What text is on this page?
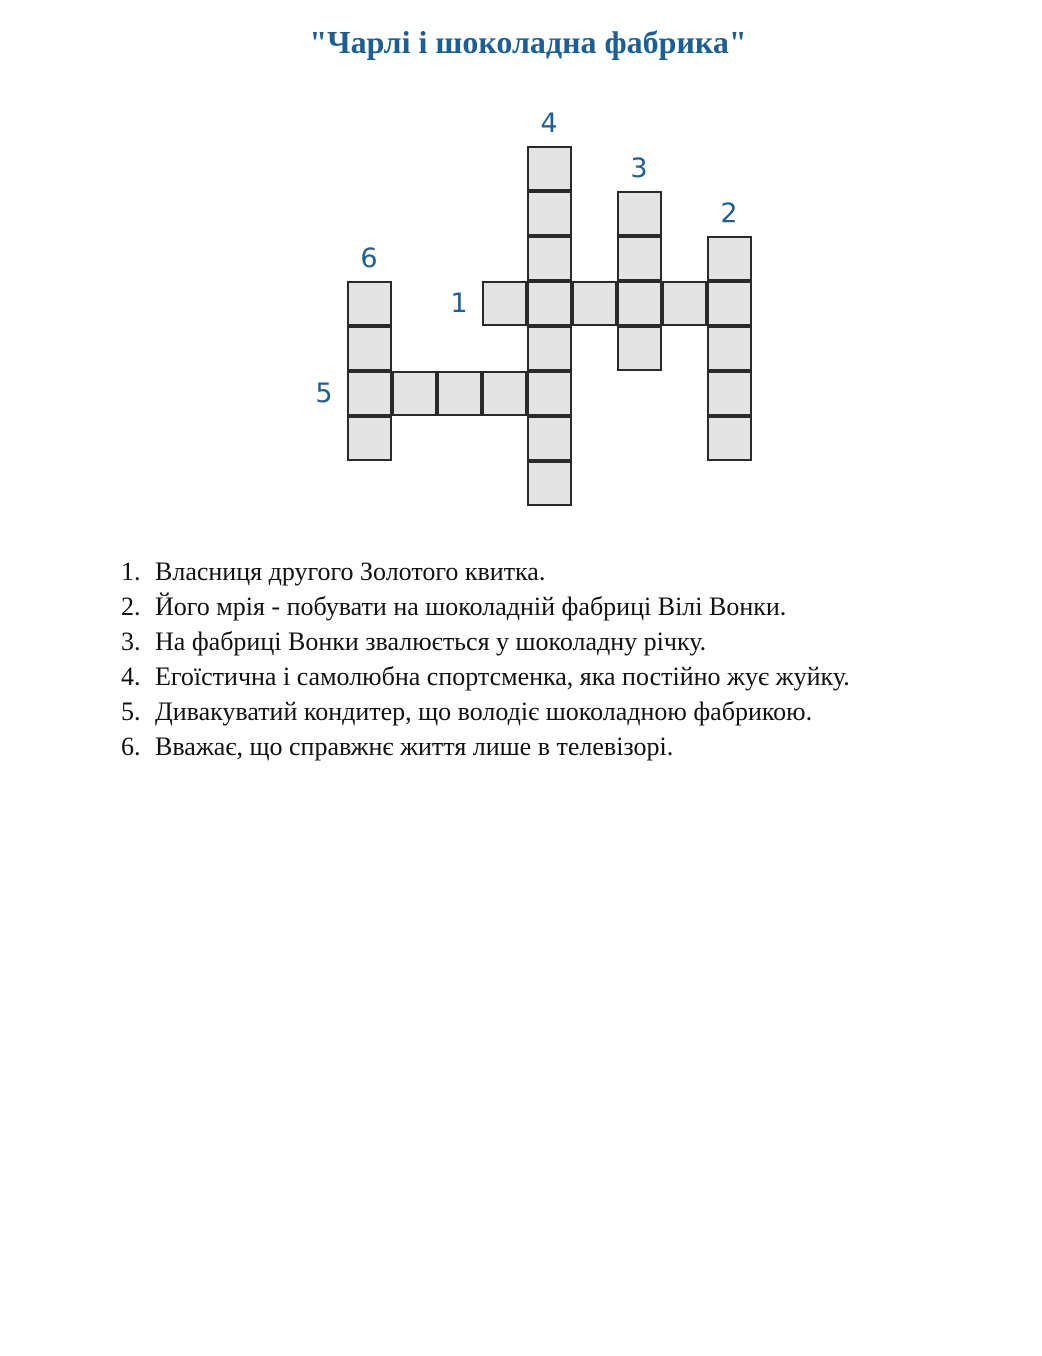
"Чарлі і шоколадна фабрика"
1
2
3
4
5
6
1. Власниця другого Золотого квитка.
2. Його мрія - побувати на шоколадній фабриці Вілі Вонки.
3. На фабриці Вонки звалюється у шоколадну річку.
4. Егоїстична і самолюбна спортсменка, яка постійно жує жуйку.
5. Дивакуватий кондитер, що володіє шоколадною фабрикою.
6. Вважає, що справжнє життя лише в телевізорі.
